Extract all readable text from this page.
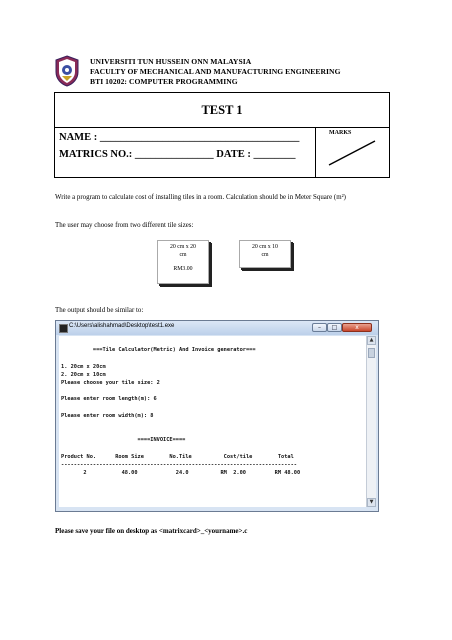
UNIVERSITI TUN HUSSEIN ONN MALAYSIA
FACULTY OF MECHANICAL AND MANUFACTURING ENGINEERING
BTI 10202: COMPUTER PROGRAMMING
TEST 1
NAME : ______________________________________
MATRICS NO.: _______________ DATE : ________
MARKS
Write a program to calculate cost of installing tiles in a room. Calculation should be in Meter Square (m²)
The user may choose from two different tile sizes:
20 cm x 20
cm
RM3.00
20 cm x 10
cm
The output should be similar to:
C:\Users\alishahmad\Desktop\test1.exe	–	□	x

===Tile Calculator(Metric) And Invoice generator===

1. 20cm x 20cm
2. 20cm x 10cm
Please choose your tile size: 2

Please enter room length(m): 6

Please enter room width(m): 8

====INVOICE====

Product No.      Room Size        No.Tile          Cost/tile        Total
--------------------------------------------------------------------------
2           48.00            24.0          RM  2.00         RM 48.00
▲
▼
Please save your file on desktop as <matrixcard>_<yourname>.c
